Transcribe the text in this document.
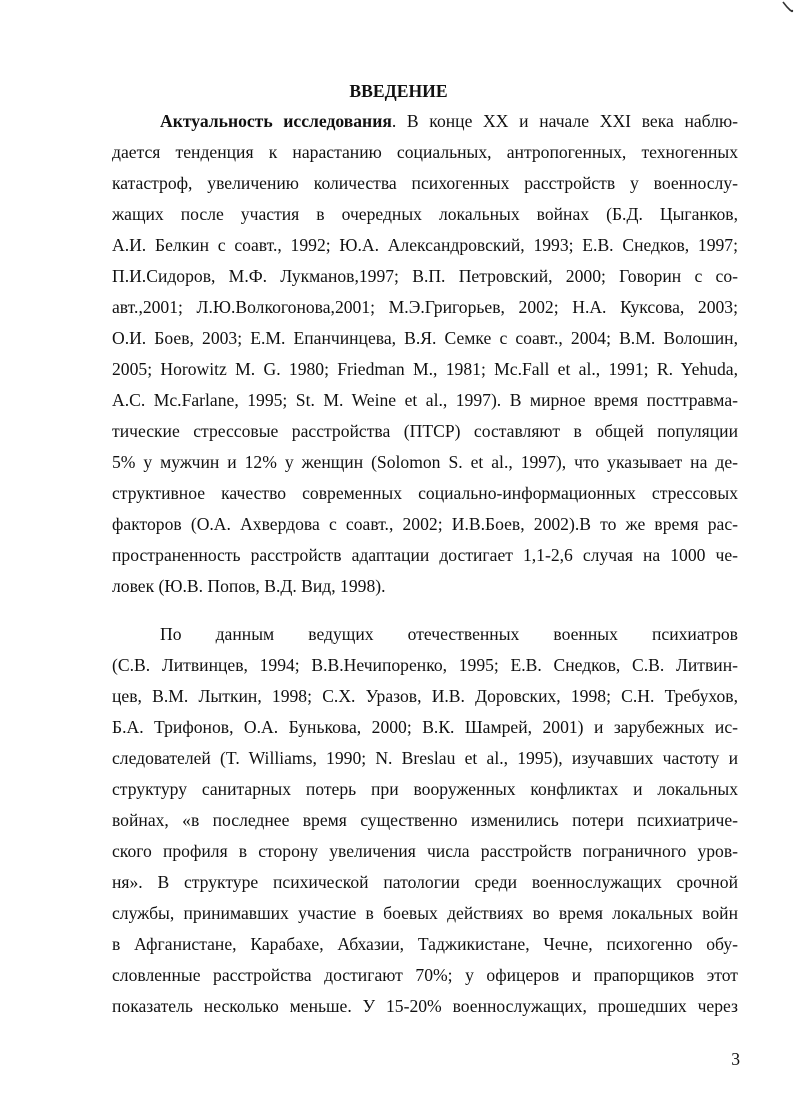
ВВЕДЕНИЕ
Актуальность исследования. В конце XX и начале XXI века наблю-
дается тенденция к нарастанию социальных, антропогенных, техногенных
катастроф, увеличению количества психогенных расстройств у военнослу-
жащих после участия в очередных локальных войнах (Б.Д. Цыганков,
А.И. Белкин с соавт., 1992; Ю.А. Александровский, 1993; Е.В. Снедков, 1997;
П.И.Сидоров, М.Ф. Лукманов,1997; В.П. Петровский, 2000; Говорин с со-
авт.,2001; Л.Ю.Волкогонова,2001; М.Э.Григорьев, 2002; Н.А. Куксова, 2003;
О.И. Боев, 2003; Е.М. Епанчинцева, В.Я. Семке с соавт., 2004; В.М. Волошин,
2005; Horowitz M. G. 1980; Friedman M., 1981; Mc.Fall et al., 1991; R. Yehuda,
A.C. Mc.Farlane, 1995; St. M. Weine et al., 1997). В мирное время посттравма-
тические стрессовые расстройства (ПТСР) составляют в общей популяции
5% у мужчин и 12% у женщин (Solomon S. et al., 1997), что указывает на де-
структивное качество современных социально-информационных стрессовых
факторов (О.А. Ахвердова с соавт., 2002; И.В.Боев, 2002).В то же время рас-
пространенность расстройств адаптации достигает 1,1-2,6 случая на 1000 че-
ловек (Ю.В. Попов, В.Д. Вид, 1998).
По данным ведущих отечественных военных психиатров
(С.В. Литвинцев, 1994; В.В.Нечипоренко, 1995; Е.В. Снедков, С.В. Литвин-
цев, В.М. Лыткин, 1998; С.Х. Уразов, И.В. Доровских, 1998; С.Н. Требухов,
Б.А. Трифонов, О.А. Бунькова, 2000; В.К. Шамрей, 2001) и зарубежных ис-
следователей (T. Williams, 1990; N. Breslau et al., 1995), изучавших частоту и
структуру санитарных потерь при вооруженных конфликтах и локальных
войнах, «в последнее время существенно изменились потери психиатриче-
ского профиля в сторону увеличения числа расстройств пограничного уров-
ня». В структуре психической патологии среди военнослужащих срочной
службы, принимавших участие в боевых действиях во время локальных войн
в Афганистане, Карабахе, Абхазии, Таджикистане, Чечне, психогенно обу-
словленные расстройства достигают 70%; у офицеров и прапорщиков этот
показатель несколько меньше. У 15-20% военнослужащих, прошедших через
3
